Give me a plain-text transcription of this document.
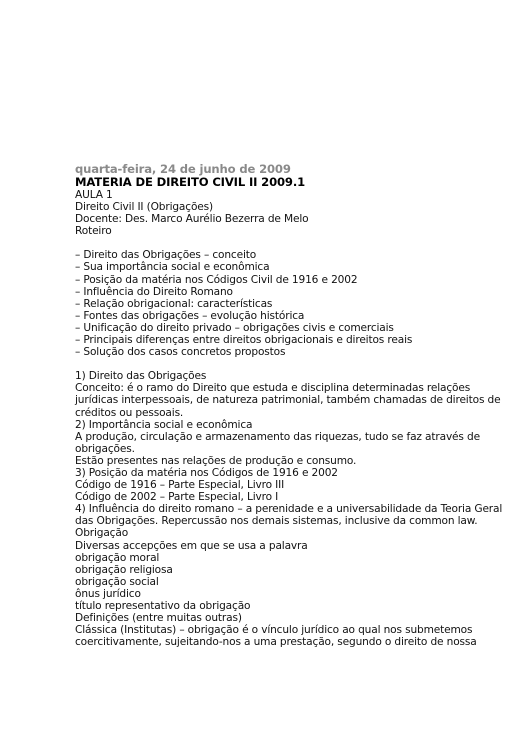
quarta-feira, 24 de junho de 2009
MATERIA DE DIREITO CIVIL II 2009.1
AULA 1
Direito Civil II (Obrigações)
Docente: Des. Marco Aurélio Bezerra de Melo
Roteiro
– Direito das Obrigações – conceito
– Sua importância social e econômica
– Posição da matéria nos Códigos Civil de 1916 e 2002
– Influência do Direito Romano
– Relação obrigacional: características
– Fontes das obrigações – evolução histórica
– Unificação do direito privado – obrigações civis e comerciais
– Principais diferenças entre direitos obrigacionais e direitos reais
– Solução dos casos concretos propostos
1) Direito das Obrigações
Conceito: é o ramo do Direito que estuda e disciplina determinadas relações jurídicas interpessoais, de natureza patrimonial, também chamadas de direitos de créditos ou pessoais.
2) Importância social e econômica
A produção, circulação e armazenamento das riquezas, tudo se faz através de obrigações.
Estão presentes nas relações de produção e consumo.
3) Posição da matéria nos Códigos de 1916 e 2002
Código de 1916 – Parte Especial, Livro III
Código de 2002 – Parte Especial, Livro I
4) Influência do direito romano – a perenidade e a universabilidade da Teoria Geral das Obrigações. Repercussão nos demais sistemas, inclusive da common law.
Obrigação
Diversas accepções em que se usa a palavra
obrigação moral
obrigação religiosa
obrigação social
ônus jurídico
título representativo da obrigação
Definições (entre muitas outras)
Clássica (Institutas) – obrigação é o vínculo jurídico ao qual nos submetemos coercitivamente, sujeitando-nos a uma prestação, segundo o direito de nossa
